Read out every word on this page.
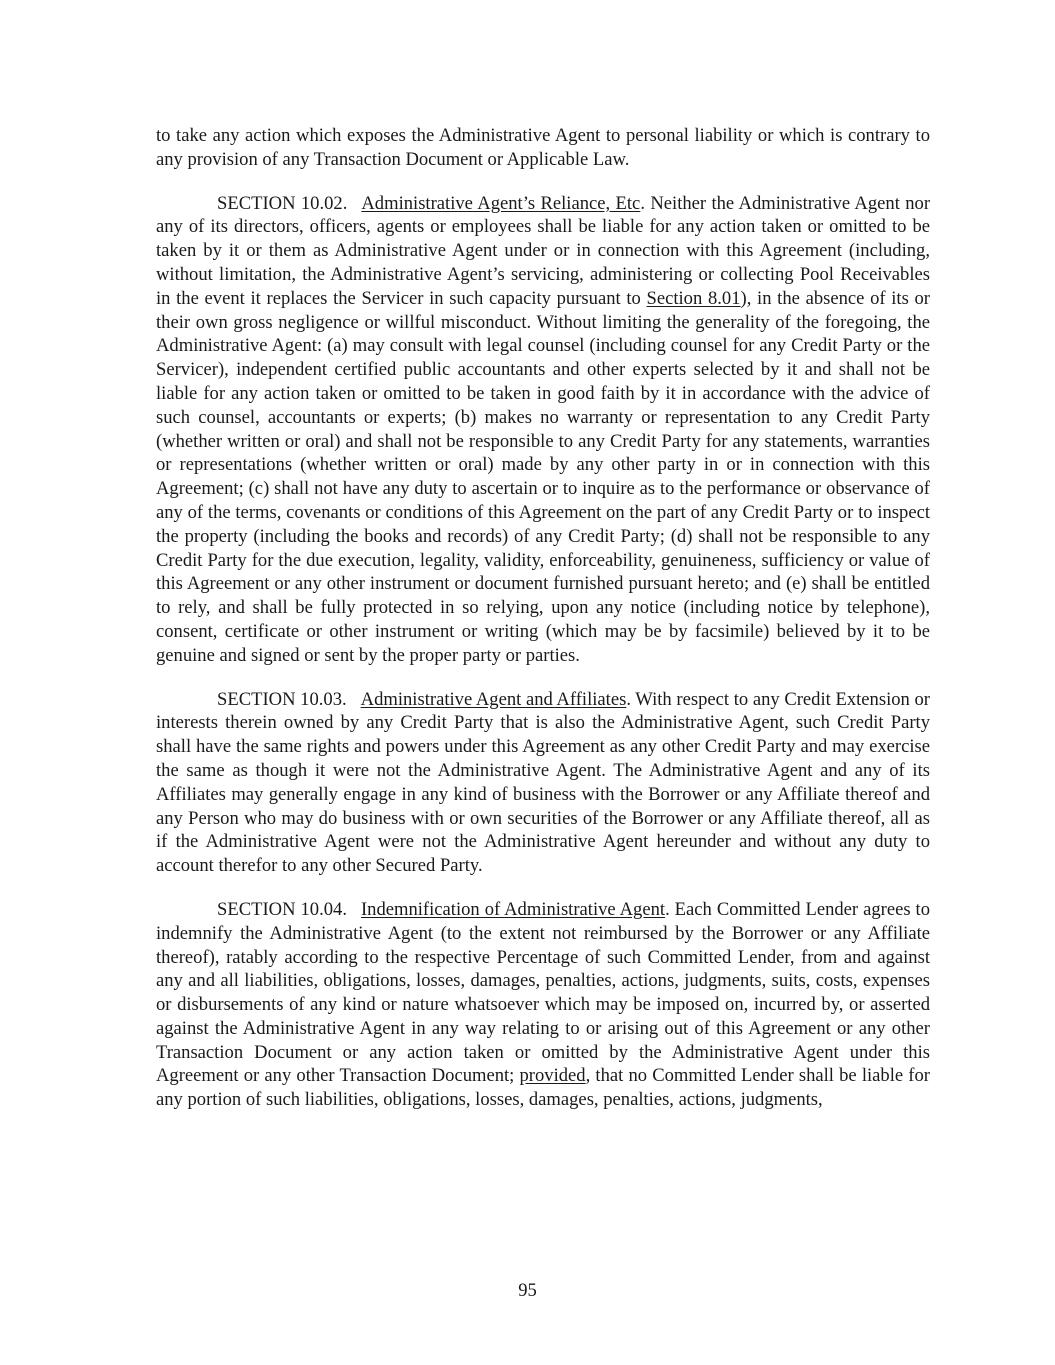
to take any action which exposes the Administrative Agent to personal liability or which is contrary to any provision of any Transaction Document or Applicable Law.

SECTION 10.02. Administrative Agent’s Reliance, Etc. Neither the Administrative Agent nor any of its directors, officers, agents or employees shall be liable for any action taken or omitted to be taken by it or them as Administrative Agent under or in connection with this Agreement (including, without limitation, the Administrative Agent’s servicing, administering or collecting Pool Receivables in the event it replaces the Servicer in such capacity pursuant to Section 8.01), in the absence of its or their own gross negligence or willful misconduct. Without limiting the generality of the foregoing, the Administrative Agent: (a) may consult with legal counsel (including counsel for any Credit Party or the Servicer), independent certified public accountants and other experts selected by it and shall not be liable for any action taken or omitted to be taken in good faith by it in accordance with the advice of such counsel, accountants or experts; (b) makes no warranty or representation to any Credit Party (whether written or oral) and shall not be responsible to any Credit Party for any statements, warranties or representations (whether written or oral) made by any other party in or in connection with this Agreement; (c) shall not have any duty to ascertain or to inquire as to the performance or observance of any of the terms, covenants or conditions of this Agreement on the part of any Credit Party or to inspect the property (including the books and records) of any Credit Party; (d) shall not be responsible to any Credit Party for the due execution, legality, validity, enforceability, genuineness, sufficiency or value of this Agreement or any other instrument or document furnished pursuant hereto; and (e) shall be entitled to rely, and shall be fully protected in so relying, upon any notice (including notice by telephone), consent, certificate or other instrument or writing (which may be by facsimile) believed by it to be genuine and signed or sent by the proper party or parties.

SECTION 10.03. Administrative Agent and Affiliates. With respect to any Credit Extension or interests therein owned by any Credit Party that is also the Administrative Agent, such Credit Party shall have the same rights and powers under this Agreement as any other Credit Party and may exercise the same as though it were not the Administrative Agent. The Administrative Agent and any of its Affiliates may generally engage in any kind of business with the Borrower or any Affiliate thereof and any Person who may do business with or own securities of the Borrower or any Affiliate thereof, all as if the Administrative Agent were not the Administrative Agent hereunder and without any duty to account therefor to any other Secured Party.

SECTION 10.04. Indemnification of Administrative Agent. Each Committed Lender agrees to indemnify the Administrative Agent (to the extent not reimbursed by the Borrower or any Affiliate thereof), ratably according to the respective Percentage of such Committed Lender, from and against any and all liabilities, obligations, losses, damages, penalties, actions, judgments, suits, costs, expenses or disbursements of any kind or nature whatsoever which may be imposed on, incurred by, or asserted against the Administrative Agent in any way relating to or arising out of this Agreement or any other Transaction Document or any action taken or omitted by the Administrative Agent under this Agreement or any other Transaction Document; provided, that no Committed Lender shall be liable for any portion of such liabilities, obligations, losses, damages, penalties, actions, judgments,

95
